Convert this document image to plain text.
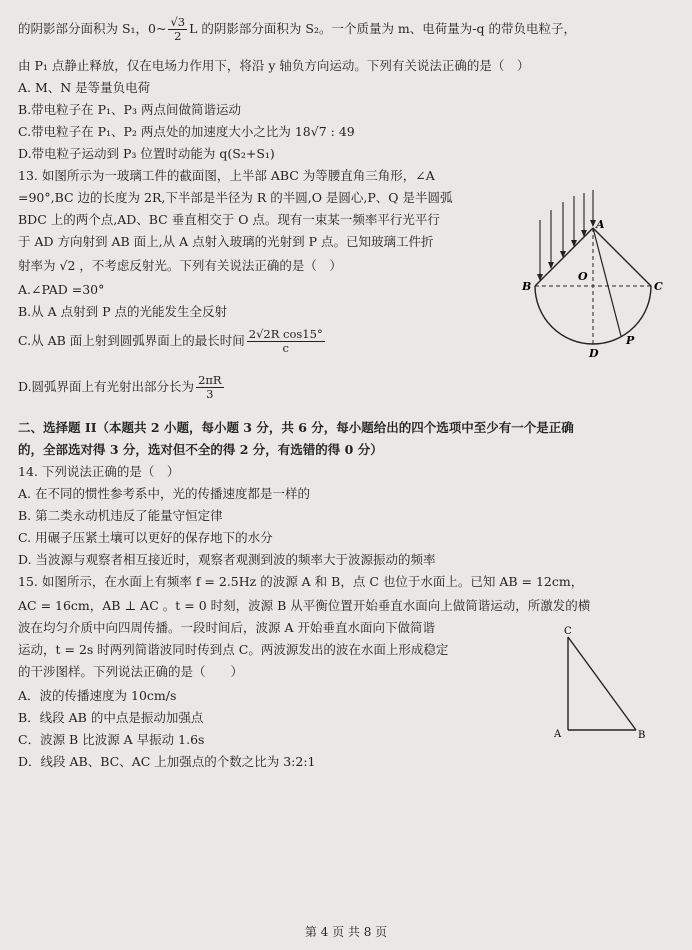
的阴影部分面积为 S₁，0~ $\frac{√3}{2}$ L 的阴影部分面积为 S₂。一个质量为 m、电荷量为-q 的带负电粒子，
由 P₁ 点静止释放，仅在电场力作用下，将沿 y 轴负方向运动。下列有关说法正确的是（　）
A. M、N 是等量负电荷
B.带电粒子在 P₁、P₃ 两点间做简谐运动
C.带电粒子在 P₁、P₂ 两点处的加速度大小之比为 18√7 : 49
D.带电粒子运动到 P₃ 位置时动能为 q(S₂+S₁)
13. 如图所示为一玻璃工件的截面图，上半部 ABC 为等腰直角三角形，∠A
=90°,BC 边的长度为 2R,下半部是半径为 R 的半圆,O 是圆心,P、Q 是半圆弧
BDC 上的两个点,AD、BC 垂直相交于 O 点。现有一束某一频率平行光平行
于 AD 方向射到 AB 面上,从 A 点射入玻璃的光射到 P 点。已知玻璃工件折
射率为 √2 ，不考虑反射光。下列有关说法正确的是（　）
A.∠PAD =30°
B.从 A 点射到 P 点的光能发生全反射
C.从 AB 面上射到圆弧界面上的最长时间 $\frac{\text{2√2R cos15°}}{c}$
D.圆弧界面上有光射出部分长为 $\frac{2\pi R}{3}$
A
B	C
O
D
P
二、选择题 II（本题共 2 小题，每小题 3 分，共 6 分，每小题给出的四个选项中至少有一个是正确
的，全部选对得 3 分，选对但不全的得 2 分，有选错的得 0 分）
14. 下列说法正确的是（　）
A. 在不同的惯性参考系中，光的传播速度都是一样的
B. 第二类永动机违反了能量守恒定律
C. 用碾子压紧土壤可以更好的保存地下的水分
D. 当波源与观察者相互接近时，观察者观测到波的频率大于波源振动的频率
15. 如图所示，在水面上有频率 f = 2.5Hz 的波源 A 和 B，点 C 也位于水面上。已知 AB = 12cm，
AC = 16cm，AB ⊥ AC 。t = 0 时刻，波源 B 从平衡位置开始垂直水面向上做简谐运动，所激发的横
波在均匀介质中向四周传播。一段时间后，波源 A 开始垂直水面向下做简谐
运动，t = 2s 时两列简谐波同时传到点 C。两波源发出的波在水面上形成稳定
的干涉图样。下列说法正确的是（　　）
A．波的传播速度为 10cm/s
B．线段 AB 的中点是振动加强点
C．波源 B 比波源 A 早振动 1.6s
D．线段 AB、BC、AC 上加强点的个数之比为 3:2:1
C
A	B
第 4 页 共 8 页
